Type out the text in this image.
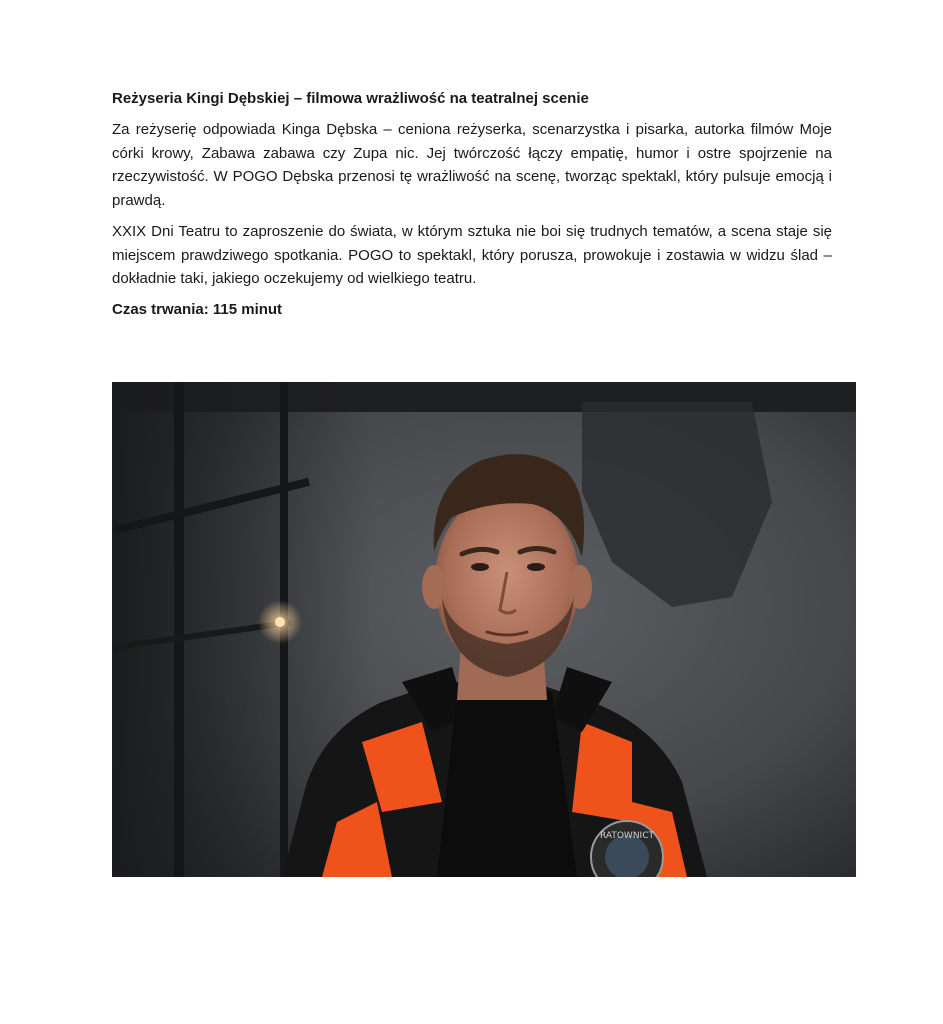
Reżyseria Kingi Dębskiej – filmowa wrażliwość na teatralnej scenie

Za reżyserię odpowiada Kinga Dębska – ceniona reżyserka, scenarzystka i pisarka, autorka filmów Moje córki krowy, Zabawa zabawa czy Zupa nic. Jej twórczość łączy empatię, humor i ostre spojrzenie na rzeczywistość. W POGO Dębska przenosi tę wrażliwość na scenę, tworząc spektakl, który pulsuje emocją i prawdą.

XXIX Dni Teatru to zaproszenie do świata, w którym sztuka nie boi się trudnych tematów, a scena staje się miejscem prawdziwego spotkania. POGO to spektakl, który porusza, prowokuje i zostawia w widzu ślad – dokładnie taki, jakiego oczekujemy od wielkiego teatru.

Czas trwania: 115 minut

RATOWNICT
